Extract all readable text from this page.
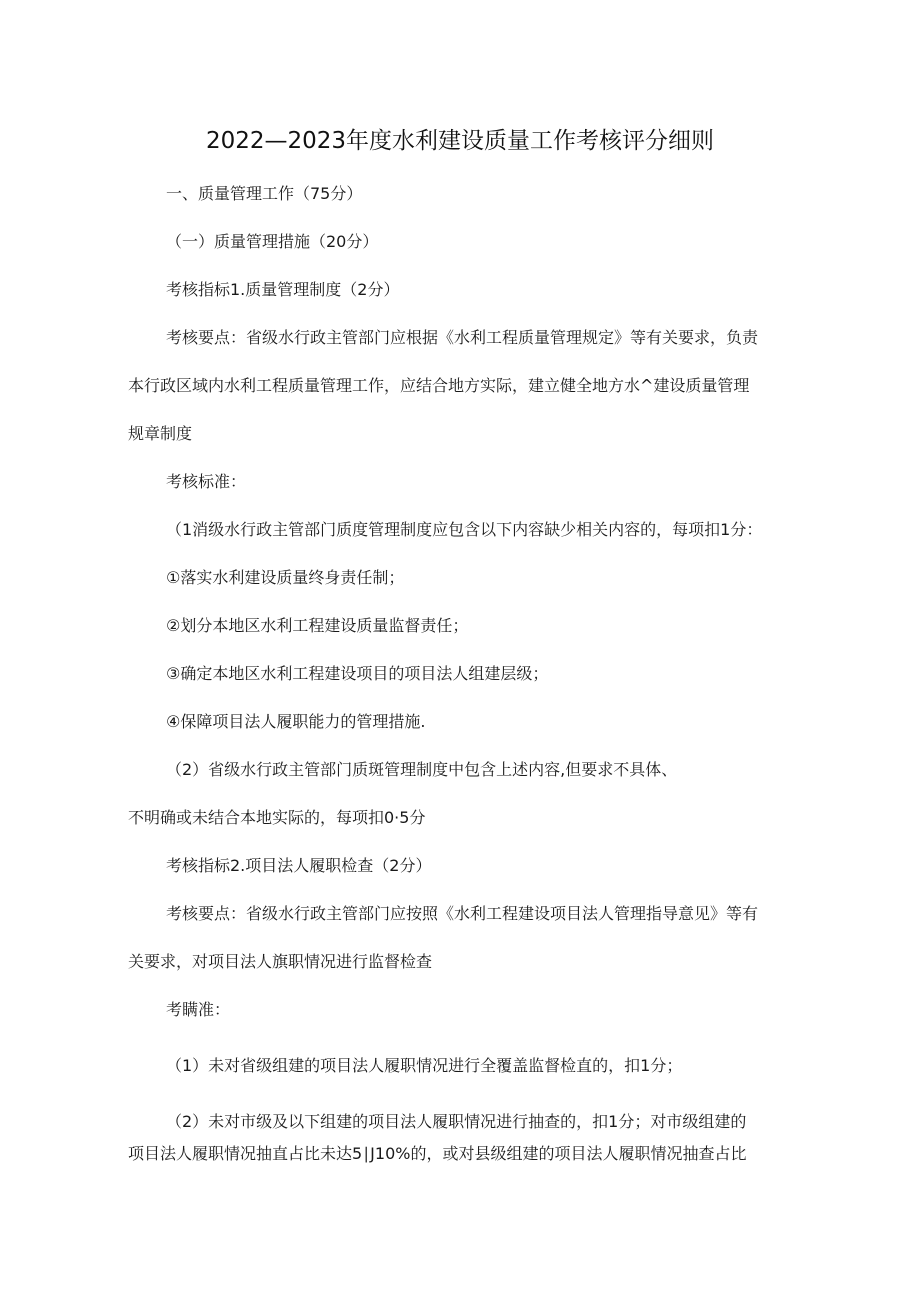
2022—2023年度水利建设质量工作考核评分细则
一、质量管理工作（75分）
（一）质量管理措施（20分）
考核指标1.质量管理制度（2分）
考核要点：省级水行政主管部门应根据《水利工程质量管理规定》等有关要求，负责
本行政区域内水利工程质量管理工作，应结合地方实际，建立健全地方水^建设质量管理
规章制度
考核标准：
（1消级水行政主管部门质度管理制度应包含以下内容缺少相关内容的，每项扣1分：
①落实水利建设质量终身责任制；
②划分本地区水利工程建设质量监督责任；
③确定本地区水利工程建设项目的项目法人组建层级；
④保障项目法人履职能力的管理措施.
（2）省级水行政主管部门质斑管理制度中包含上述内容,但要求不具体、
不明确或未结合本地实际的，每项扣0·5分
考核指标2.项目法人履职检查（2分）
考核要点：省级水行政主管部门应按照《水利工程建设项目法人管理指导意见》等有
关要求，对项目法人旗职情况进行监督检查
考瞒准：
（1）未对省级组建的项目法人履职情况进行全覆盖监督检直的，扣1分；
（2）未对市级及以下组建的项目法人履职情况进行抽查的，扣1分；对市级组建的
项目法人履职情况抽直占比未达5∣J10%的，或对县级组建的项目法人履职情况抽查占比
